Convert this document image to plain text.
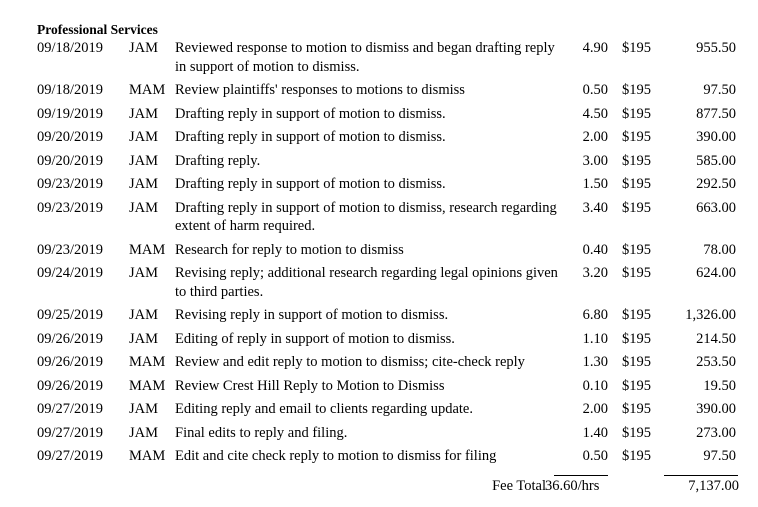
Professional Services
09/18/2019 JAM	4.90 $195	955.50
Reviewed response to motion to dismiss and began drafting reply in support of motion to dismiss.
09/18/2019 MAM	0.50 $195	97.50
Review plaintiffs' responses to motions to dismiss
09/19/2019 JAM	4.50 $195	877.50
Drafting reply in support of motion to dismiss.
09/20/2019 JAM	2.00 $195	390.00
Drafting reply in support of motion to dismiss.
09/20/2019 JAM	3.00 $195	585.00
Drafting reply.
09/23/2019 JAM	1.50 $195	292.50
Drafting reply in support of motion to dismiss.
09/23/2019 JAM	3.40 $195	663.00
Drafting reply in support of motion to dismiss, research regarding extent of harm required.
09/23/2019 MAM	0.40 $195	78.00
Research for reply to motion to dismiss
09/24/2019 JAM	3.20 $195	624.00
Revising reply; additional research regarding legal opinions given to third parties.
09/25/2019 JAM	6.80 $195	1,326.00
Revising reply in support of motion to dismiss.
09/26/2019 JAM	1.10 $195	214.50
Editing of reply in support of motion to dismiss.
09/26/2019 MAM	1.30 $195	253.50
Review and edit reply to motion to dismiss; cite-check reply
09/26/2019 MAM	0.10 $195	19.50
Review Crest Hill Reply to Motion to Dismiss
09/27/2019 JAM	2.00 $195	390.00
Editing reply and email to clients regarding update.
09/27/2019 JAM	1.40 $195	273.00
Final edits to reply and filing.
09/27/2019 MAM	0.50 $195	97.50
Edit and cite check reply to motion to dismiss for filing
Fee Total 36.60/hrs	7,137.00
